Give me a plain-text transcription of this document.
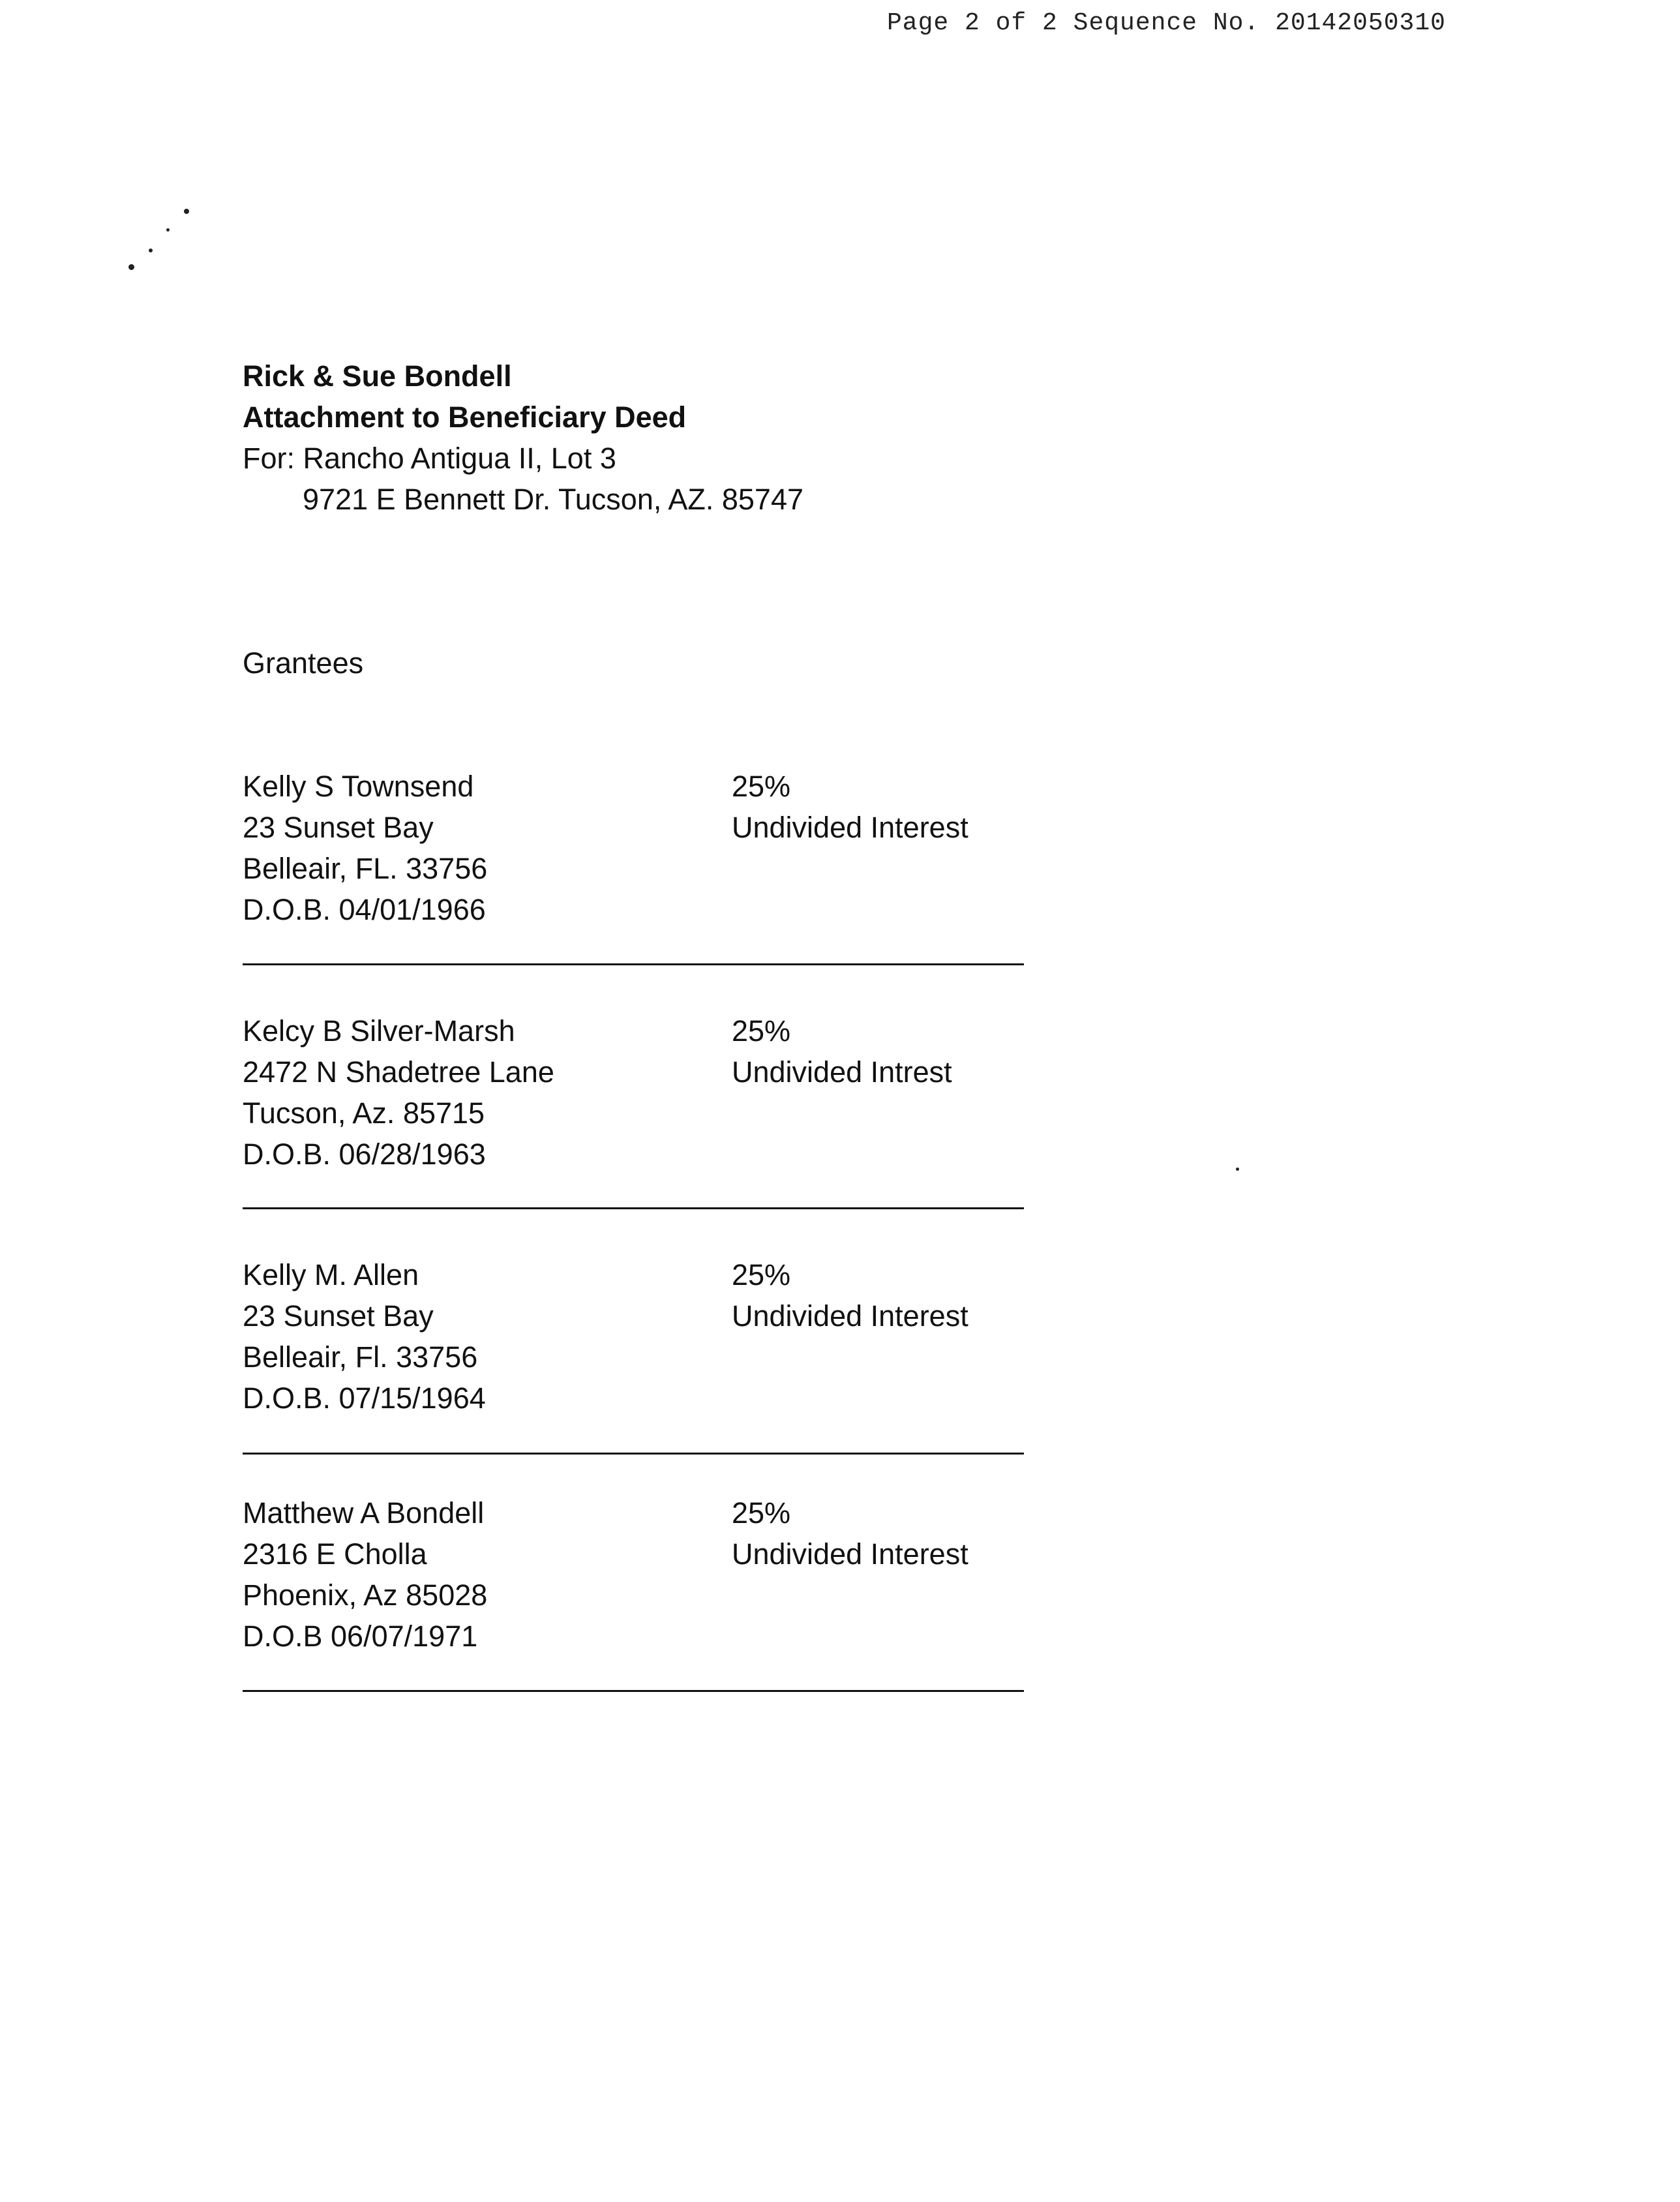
Page 2 of 2 Sequence No. 20142050310
Rick & Sue Bondell
Attachment to Beneficiary Deed
For: Rancho Antigua II, Lot 3
9721 E Bennett Dr. Tucson, AZ. 85747
Grantees
Kelly S Townsend
23 Sunset Bay
Belleair, FL. 33756
D.O.B. 04/01/1966
25%
Undivided Interest
Kelcy B Silver-Marsh
2472 N Shadetree Lane
Tucson, Az. 85715
D.O.B. 06/28/1963
25%
Undivided Intrest
Kelly M. Allen
23 Sunset Bay
Belleair, Fl. 33756
D.O.B. 07/15/1964
25%
Undivided Interest
Matthew A Bondell
2316 E Cholla
Phoenix, Az 85028
D.O.B 06/07/1971
25%
Undivided Interest
